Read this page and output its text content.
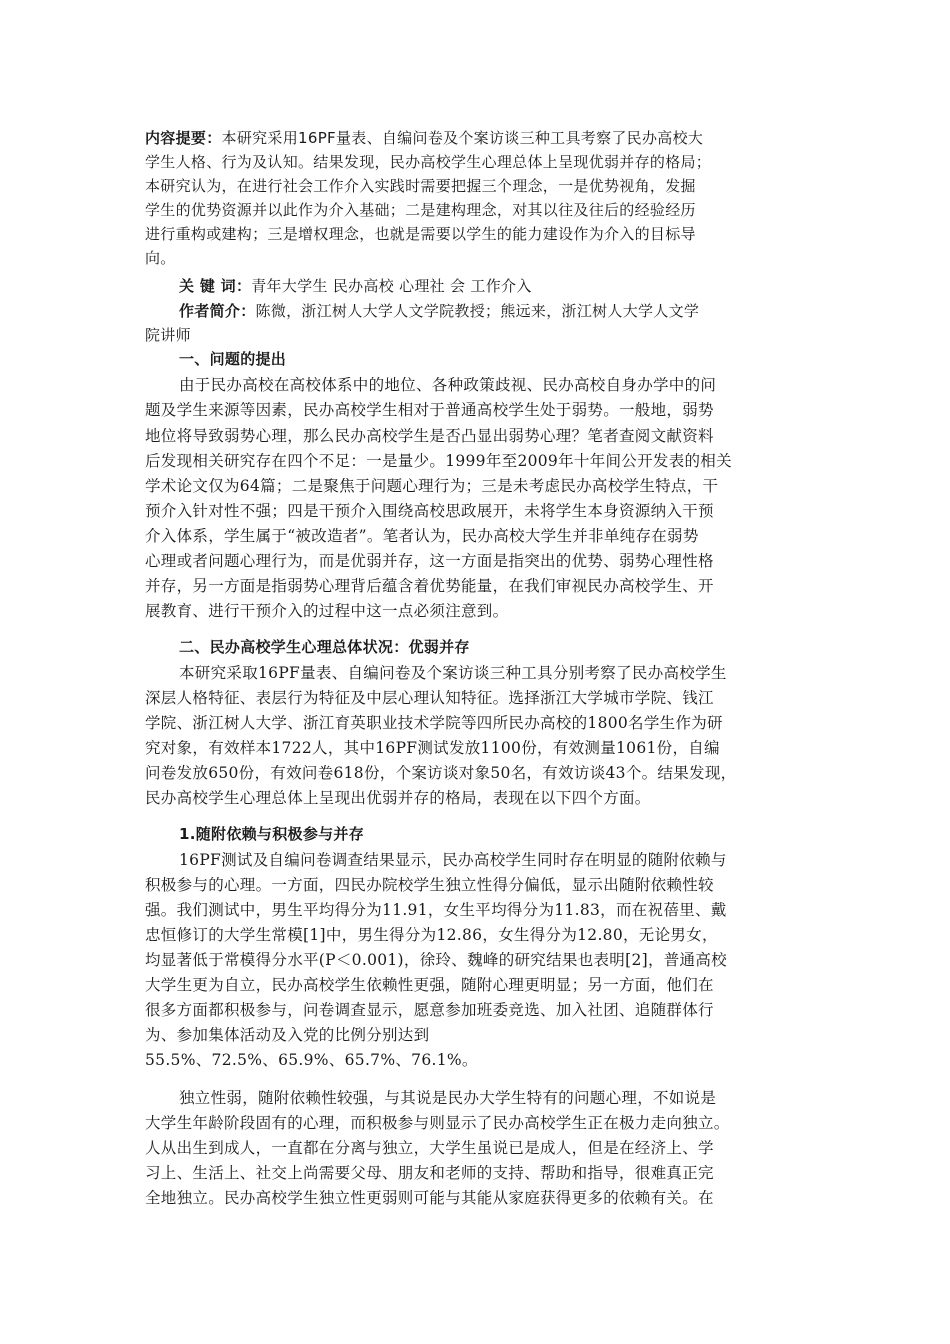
内容提要：本研究采用16PF量表、自编问卷及个案访谈三种工具考察了民办高校大
学生人格、行为及认知。结果发现，民办高校学生心理总体上呈现优弱并存的格局；
本研究认为，在进行社会工作介入实践时需要把握三个理念，一是优势视角，发掘
学生的优势资源并以此作为介入基础；二是建构理念，对其以往及往后的经验经历
进行重构或建构；三是增权理念，也就是需要以学生的能力建设作为介入的目标导
向。
关 键 词：青年大学生 民办高校 心理社 会 工作介入
作者简介：陈微，浙江树人大学人文学院教授；熊远来，浙江树人大学人文学
院讲师
一、问题的提出
由于民办高校在高校体系中的地位、各种政策歧视、民办高校自身办学中的问
题及学生来源等因素，民办高校学生相对于普通高校学生处于弱势。一般地，弱势
地位将导致弱势心理，那么民办高校学生是否凸显出弱势心理？笔者查阅文献资料
后发现相关研究存在四个不足：一是量少。1999年至2009年十年间公开发表的相关
学术论文仅为64篇；二是聚焦于问题心理行为；三是未考虑民办高校学生特点，干
预介入针对性不强；四是干预介入围绕高校思政展开，未将学生本身资源纳入干预
介入体系，学生属于“被改造者”。笔者认为，民办高校大学生并非单纯存在弱势
心理或者问题心理行为，而是优弱并存，这一方面是指突出的优势、弱势心理性格
并存，另一方面是指弱势心理背后蕴含着优势能量，在我们审视民办高校学生、开
展教育、进行干预介入的过程中这一点必须注意到。
二、民办高校学生心理总体状况：优弱并存
本研究采取16PF量表、自编问卷及个案访谈三种工具分别考察了民办高校学生
深层人格特征、表层行为特征及中层心理认知特征。选择浙江大学城市学院、钱江
学院、浙江树人大学、浙江育英职业技术学院等四所民办高校的1800名学生作为研
究对象，有效样本1722人，其中16PF测试发放1100份，有效测量1061份，自编
问卷发放650份，有效问卷618份，个案访谈对象50名，有效访谈43个。结果发现，
民办高校学生心理总体上呈现出优弱并存的格局，表现在以下四个方面。
1.随附依赖与积极参与并存
16PF测试及自编问卷调查结果显示，民办高校学生同时存在明显的随附依赖与
积极参与的心理。一方面，四民办院校学生独立性得分偏低，显示出随附依赖性较
强。我们测试中，男生平均得分为11.91，女生平均得分为11.83，而在祝蓓里、戴
忠恒修订的大学生常模[1]中，男生得分为12.86，女生得分为12.80，无论男女，
均显著低于常模得分水平(P＜0.001)，徐玲、魏峰的研究结果也表明[2]，普通高校
大学生更为自立，民办高校学生依赖性更强，随附心理更明显；另一方面，他们在
很多方面都积极参与，问卷调查显示，愿意参加班委竞选、加入社团、追随群体行
为、参加集体活动及入党的比例分别达到
55.5%、72.5%、65.9%、65.7%、76.1%。
独立性弱，随附依赖性较强，与其说是民办大学生特有的问题心理，不如说是
大学生年龄阶段固有的心理，而积极参与则显示了民办高校学生正在极力走向独立。
人从出生到成人，一直都在分离与独立，大学生虽说已是成人，但是在经济上、学
习上、生活上、社交上尚需要父母、朋友和老师的支持、帮助和指导，很难真正完
全地独立。民办高校学生独立性更弱则可能与其能从家庭获得更多的依赖有关。在
